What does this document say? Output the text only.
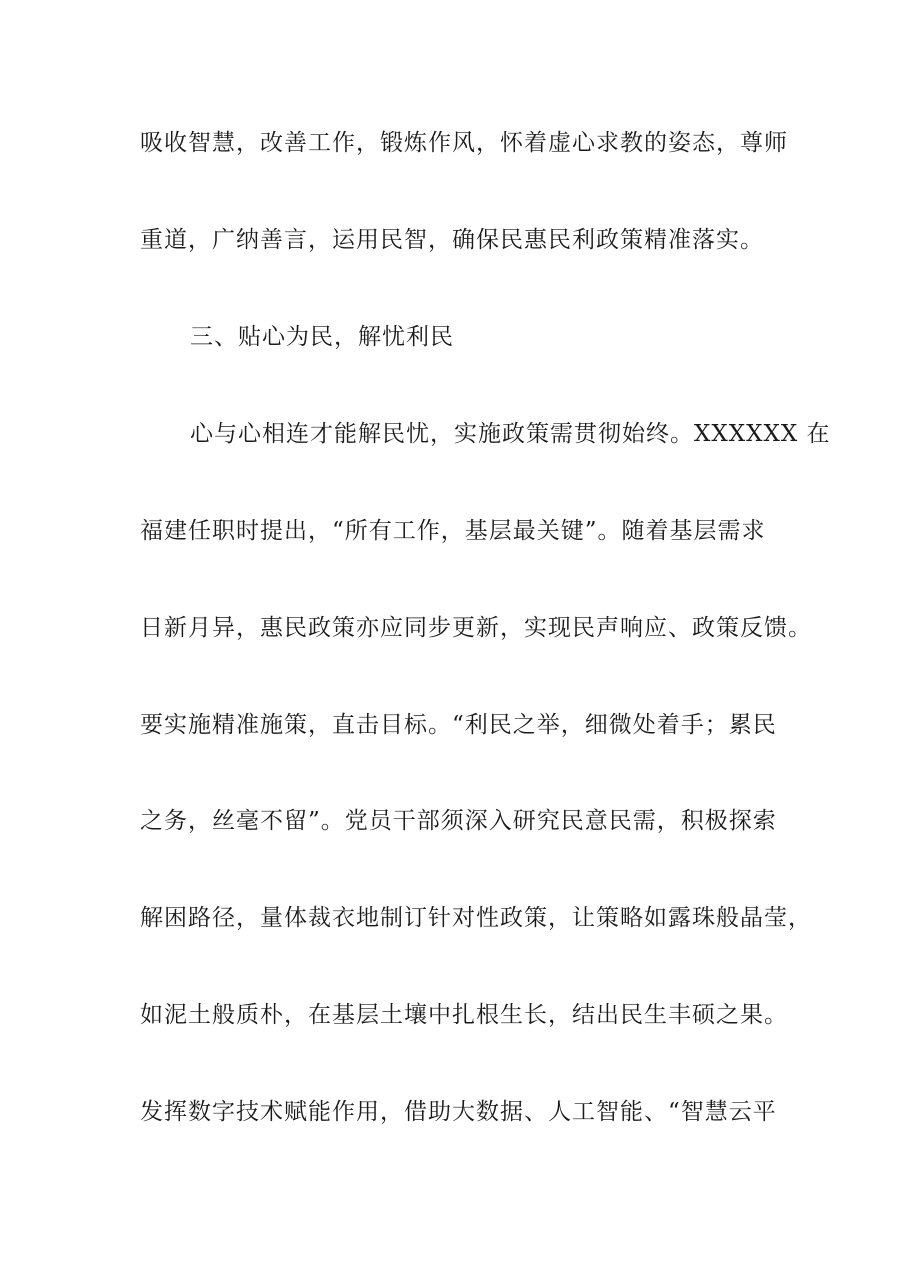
吸收智慧，改善工作，锻炼作风，怀着虚心求教的姿态，尊师

重道，广纳善言，运用民智，确保民惠民利政策精准落实。

三、贴心为民，解忧利民

心与心相连才能解民忧，实施政策需贯彻始终。XXXXXX 在

福建任职时提出，“所有工作，基层最关键”。随着基层需求

日新月异，惠民政策亦应同步更新，实现民声响应、政策反馈。

要实施精准施策，直击目标。“利民之举，细微处着手；累民

之务，丝毫不留”。党员干部须深入研究民意民需，积极探索

解困路径，量体裁衣地制订针对性政策，让策略如露珠般晶莹，

如泥土般质朴，在基层土壤中扎根生长，结出民生丰硕之果。

发挥数字技术赋能作用，借助大数据、人工智能、“智慧云平
